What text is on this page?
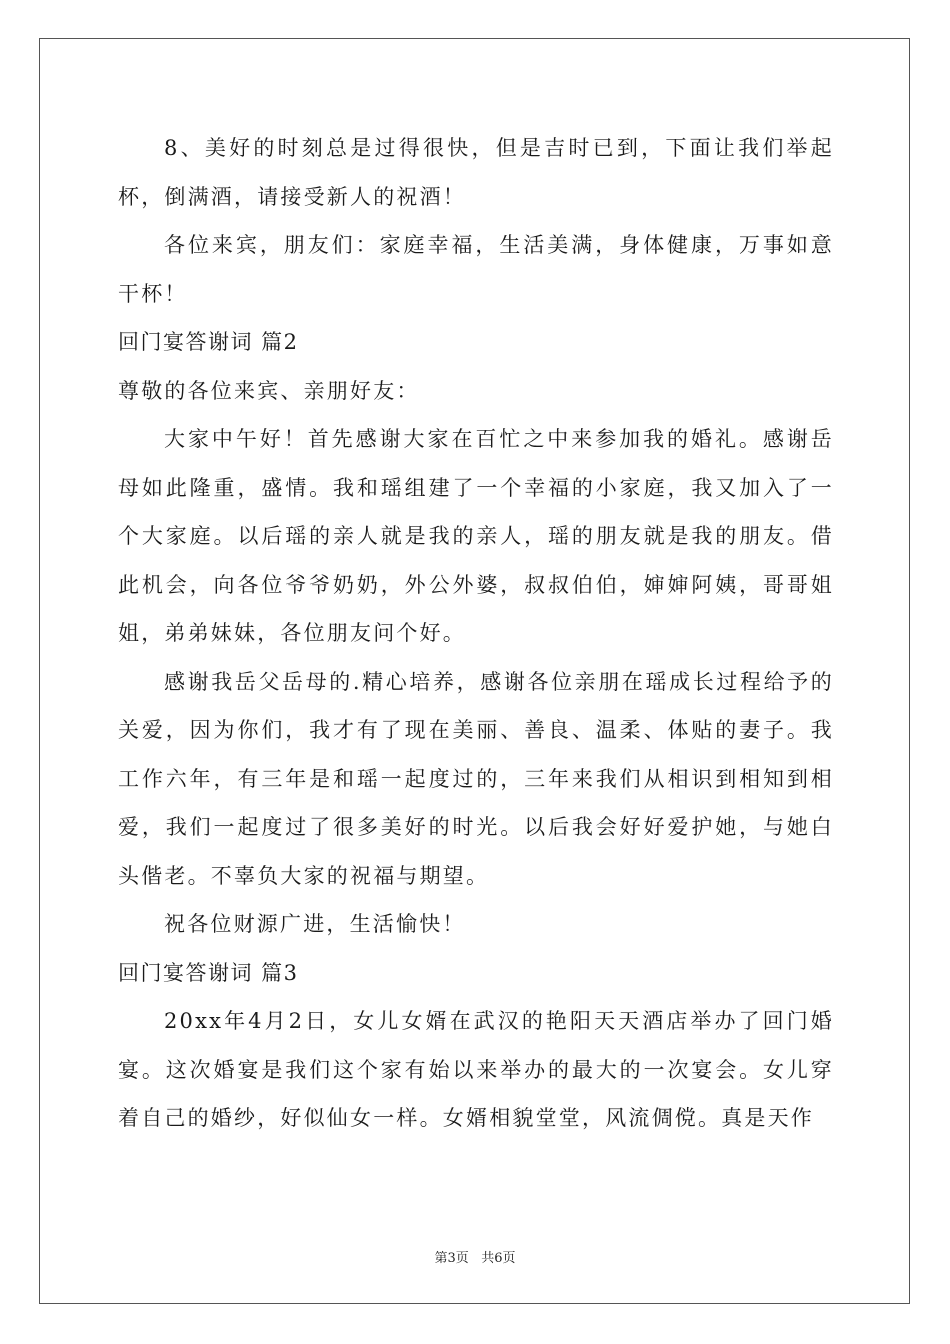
8、美好的时刻总是过得很快，但是吉时已到，下面让我们举起杯，倒满酒，请接受新人的祝酒！

各位来宾，朋友们：家庭幸福，生活美满，身体健康，万事如意干杯！

回门宴答谢词 篇2

尊敬的各位来宾、亲朋好友：

大家中午好！首先感谢大家在百忙之中来参加我的婚礼。感谢岳母如此隆重，盛情。我和瑶组建了一个幸福的小家庭，我又加入了一个大家庭。以后瑶的亲人就是我的亲人，瑶的朋友就是我的朋友。借此机会，向各位爷爷奶奶，外公外婆，叔叔伯伯，婶婶阿姨，哥哥姐姐，弟弟妹妹，各位朋友问个好。

感谢我岳父岳母的.精心培养，感谢各位亲朋在瑶成长过程给予的关爱，因为你们，我才有了现在美丽、善良、温柔、体贴的妻子。我工作六年，有三年是和瑶一起度过的，三年来我们从相识到相知到相爱，我们一起度过了很多美好的时光。以后我会好好爱护她，与她白头偕老。不辜负大家的祝福与期望。

祝各位财源广进，生活愉快！

回门宴答谢词 篇3

20xx年4月2日，女儿女婿在武汉的艳阳天天酒店举办了回门婚宴。这次婚宴是我们这个家有始以来举办的最大的一次宴会。女儿穿着自己的婚纱，好似仙女一样。女婿相貌堂堂，风流倜傥。真是天作

第3页 共6页
